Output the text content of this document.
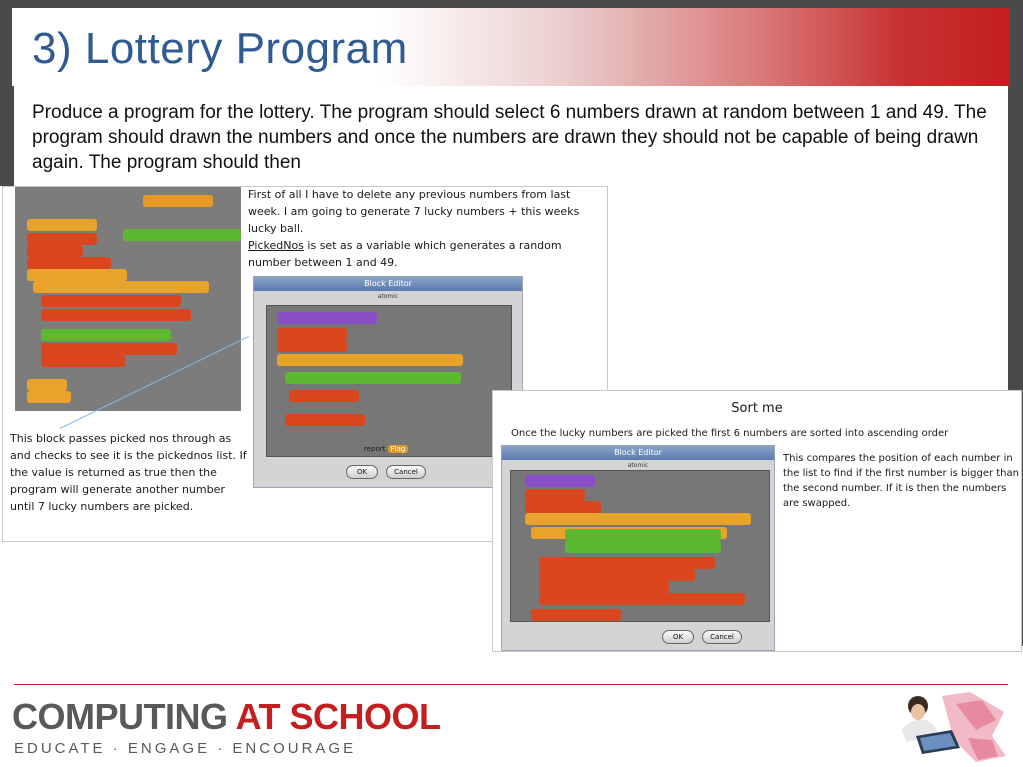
3) Lottery Program
Produce a program for the lottery. The program should select 6 numbers drawn at random between 1 and 49. The program should drawn the numbers and once the numbers are drawn they should not be capable of being drawn again. The program should then
Block Editor
atomic
report Flag
OK	Cancel
First of all I have to delete any previous numbers from last week. I am going to generate 7 lucky numbers + this weeks lucky ball.
PickedNos is set as a variable which generates a random number between 1 and 49.
This block passes picked nos through as and checks to see it is the pickednos list. If the value is returned as true then the program will generate another number until 7 lucky numbers are picked.
Sort me
Once the lucky numbers are picked the first 6 numbers are sorted into ascending order
Block Editor
atomic
OK	Cancel
This compares the position of each number in the list to find if the first number is bigger than the second number. If it is then the numbers are swapped.
COMPUTING AT SCHOOL
EDUCATE · ENGAGE · ENCOURAGE
